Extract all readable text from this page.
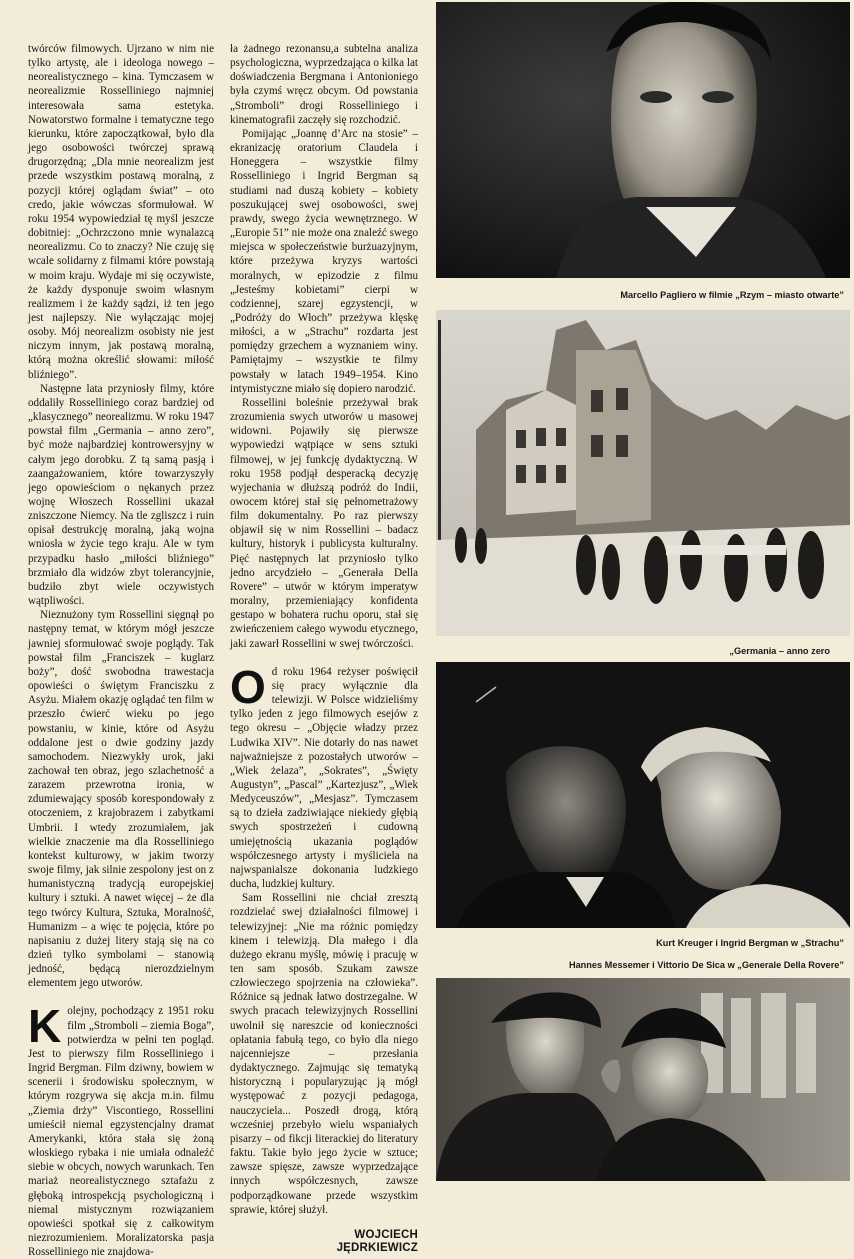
twórców filmowych. Ujrzano w nim nie tylko artystę, ale i ideologa nowego – neorealistycznego – kina. Tymczasem w neorealizmie Rosselliniego najmniej interesowała sama estetyka. Nowatorstwo formalne i tematyczne tego kierunku, które zapoczątkował, było dla jego osobowości twórczej sprawą drugorzędną; „Dla mnie neorealizm jest przede wszystkim postawą moralną, z pozycji której oglądam świat” – oto credo, jakie wówczas sformułował. W roku 1954 wypowiedział tę myśl jeszcze dobitniej: „Ochrzczono mnie wynalazcą neorealizmu. Co to znaczy? Nie czuję się wcale solidarny z filmami które powstają w moim kraju. Wydaje mi się oczywiste, że każdy dysponuje swoim własnym realizmem i że każdy sądzi, iż ten jego jest najlepszy. Nie wyłączając mojej osoby. Mój neorealizm osobisty nie jest niczym innym, jak postawą moralną, którą można określić słowami: miłość bliźniego”.

Następne lata przyniosły filmy, które oddaliły Rosselliniego coraz bardziej od „klasycznego” neorealizmu. W roku 1947 powstał film „Germania – anno zero”, być może najbardziej kontrowersyjny w całym jego dorobku. Z tą samą pasją i zaangażowaniem, które towarzyszyły jego opowieściom o nękanych przez wojnę Włoszech Rossellini ukazał zniszczone Niemcy. Na tle zgliszcz i ruin opisał destrukcję moralną, jaką wojna wniosła w życie tego kraju. Ale w tym przypadku hasło „miłości bliźniego” brzmiało dla widzów zbyt tolerancyjnie, budziło zbyt wiele oczywistych wątpliwości.

Nieznużony tym Rossellini sięgnął po następny temat, w którym mógł jeszcze jawniej sformułować swoje poglądy. Tak powstał film „Franciszek – kuglarz boży”, dość swobodna trawestacja opowieści o świętym Franciszku z Asyżu. Miałem okazję oglądać ten film w przeszło ćwierć wieku po jego powstaniu, w kinie, które od Asyżu oddalone jest o dwie godziny jazdy samochodem. Niezwykły urok, jaki zachował ten obraz, jego szlachetność a zarazem przewrotna ironia, w zdumiewający sposób korespondowały z otoczeniem, z krajobrazem i zabytkami Umbrii. I wtedy zrozumiałem, jak wielkie znaczenie ma dla Rosselliniego kontekst kulturowy, w jakim tworzy swoje filmy, jak silnie zespolony jest on z humanistyczną tradycją europejskiej kultury i sztuki. A nawet więcej – że dla tego twórcy Kultura, Sztuka, Moralność, Humanizm – a więc te pojęcia, które po napisaniu z dużej litery stają się na co dzień tylko symbolami – stanowią jedność, będącą nierozdzielnym elementem jego utworów.

Kolejny, pochodzący z 1951 roku film „Stromboli – ziemia Boga”, potwierdza w pełni ten pogląd. Jest to pierwszy film Rosselliniego i Ingrid Bergman. Film dziwny, bowiem w scenerii i środowisku społecznym, w którym rozgrywa się akcja m.in. filmu „Ziemia drży” Viscontiego, Rossellini umieścił niemal egzystencjalny dramat Amerykanki, która stała się żoną włoskiego rybaka i nie umiała odnaleźć siebie w obcych, nowych warunkach. Ten mariaż neorealistycznego sztafażu z głęboką introspekcją psychologiczną i niemal mistycznym rozwiązaniem opowieści spotkał się z całkowitym niezrozumieniem. Moralizatorska pasja Rosselliniego nie znajdowa-

ła żadnego rezonansu,a subtelna analiza psychologiczna, wyprzedzająca o kilka lat doświadczenia Bergmana i Antonioniego była czymś wręcz obcym. Od powstania „Stromboli” drogi Rosselliniego i kinematografii zaczęły się rozchodzić.

Pomijając „Joannę d’Arc na stosie” – ekranizację oratorium Claudela i Honeggera – wszystkie filmy Rosselliniego i Ingrid Bergman są studiami nad duszą kobiety – kobiety poszukującej swej osobowości, swej prawdy, swego życia wewnętrznego. W „Europie 51” nie może ona znaleźć swego miejsca w społeczeństwie burżuazyjnym, które przeżywa kryzys wartości moralnych, w epizodzie z filmu „Jesteśmy kobietami” cierpi w codziennej, szarej egzystencji, w „Podróży do Włoch” przeżywa klęskę miłości, a w „Strachu” rozdarta jest pomiędzy grzechem a wyznaniem winy. Pamiętajmy – wszystkie te filmy powstały w latach 1949–1954. Kino intymistyczne miało się dopiero narodzić.

Rossellini boleśnie przeżywał brak zrozumienia swych utworów u masowej widowni. Pojawiły się pierwsze wypowiedzi wątpiące w sens sztuki filmowej, w jej funkcję dydaktyczną. W roku 1958 podjął desperacką decyzję wyjechania w dłuższą podróż do Indii, owocem której stał się pełnometrażowy film dokumentalny. Po raz pierwszy objawił się w nim Rossellini – badacz kultury, historyk i publicysta kulturalny. Pięć następnych lat przyniosło tylko jedno arcydzieło – „Generała Della Rovere” – utwór w którym imperatyw moralny, przemieniający konfidenta gestapo w bohatera ruchu oporu, stał się zwieńczeniem całego wywodu etycznego, jaki zawarł Rossellini w swej twórczości.

Od roku 1964 reżyser poświęcił się pracy wyłącznie dla telewizji. W Polsce widzieliśmy tylko jeden z jego filmowych esejów z tego okresu – „Objęcie władzy przez Ludwika XIV”. Nie dotarły do nas nawet najważniejsze z pozostałych utworów – „Wiek żelaza”, „Sokrates”, „Święty Augustyn”, „Pascal” „Kartezjusz”, „Wiek Medyceuszów”, „Mesjasz”. Tymczasem są to dzieła zadziwiające niekiedy głębią swych spostrzeżeń i cudowną umiejętnością ukazania poglądów współczesnego artysty i myśliciela na najwspanialsze dokonania ludzkiego ducha, ludzkiej kultury.

Sam Rossellini nie chciał zresztą rozdzielać swej działalności filmowej i telewizyjnej: „Nie ma różnic pomiędzy kinem i telewizją. Dla małego i dla dużego ekranu myślę, mówię i pracuję w ten sam sposób. Szukam zawsze człowieczego spojrzenia na człowieka”. Różnice są jednak łatwo dostrzegalne. W swych pracach telewizyjnych Rossellini uwolnił się nareszcie od konieczności opłatania fabułą tego, co było dla niego najcenniejsze – przesłania dydaktycznego. Zajmując się tematyką historyczną i popularyzując ją mógł występować z pozycji pedagoga, nauczyciela... Poszedł drogą, którą wcześniej przebyło wielu wspaniałych pisarzy – od fikcji literackiej do literatury faktu. Takie było jego życie w sztuce; zawsze spięsze, zawsze wyprzedzające innych współczesnych, zawsze podporządkowane przede wszystkim sprawie, której służył.

WOJCIECH
JĘDRKIEWICZ
Marcello Pagliero w filmie „Rzym – miasto otwarte”
„Germania – anno zero
Kurt Kreuger i Ingrid Bergman w „Strachu”
Hannes Messemer i Vittorio De Sica w „Generale Della Rovere”
